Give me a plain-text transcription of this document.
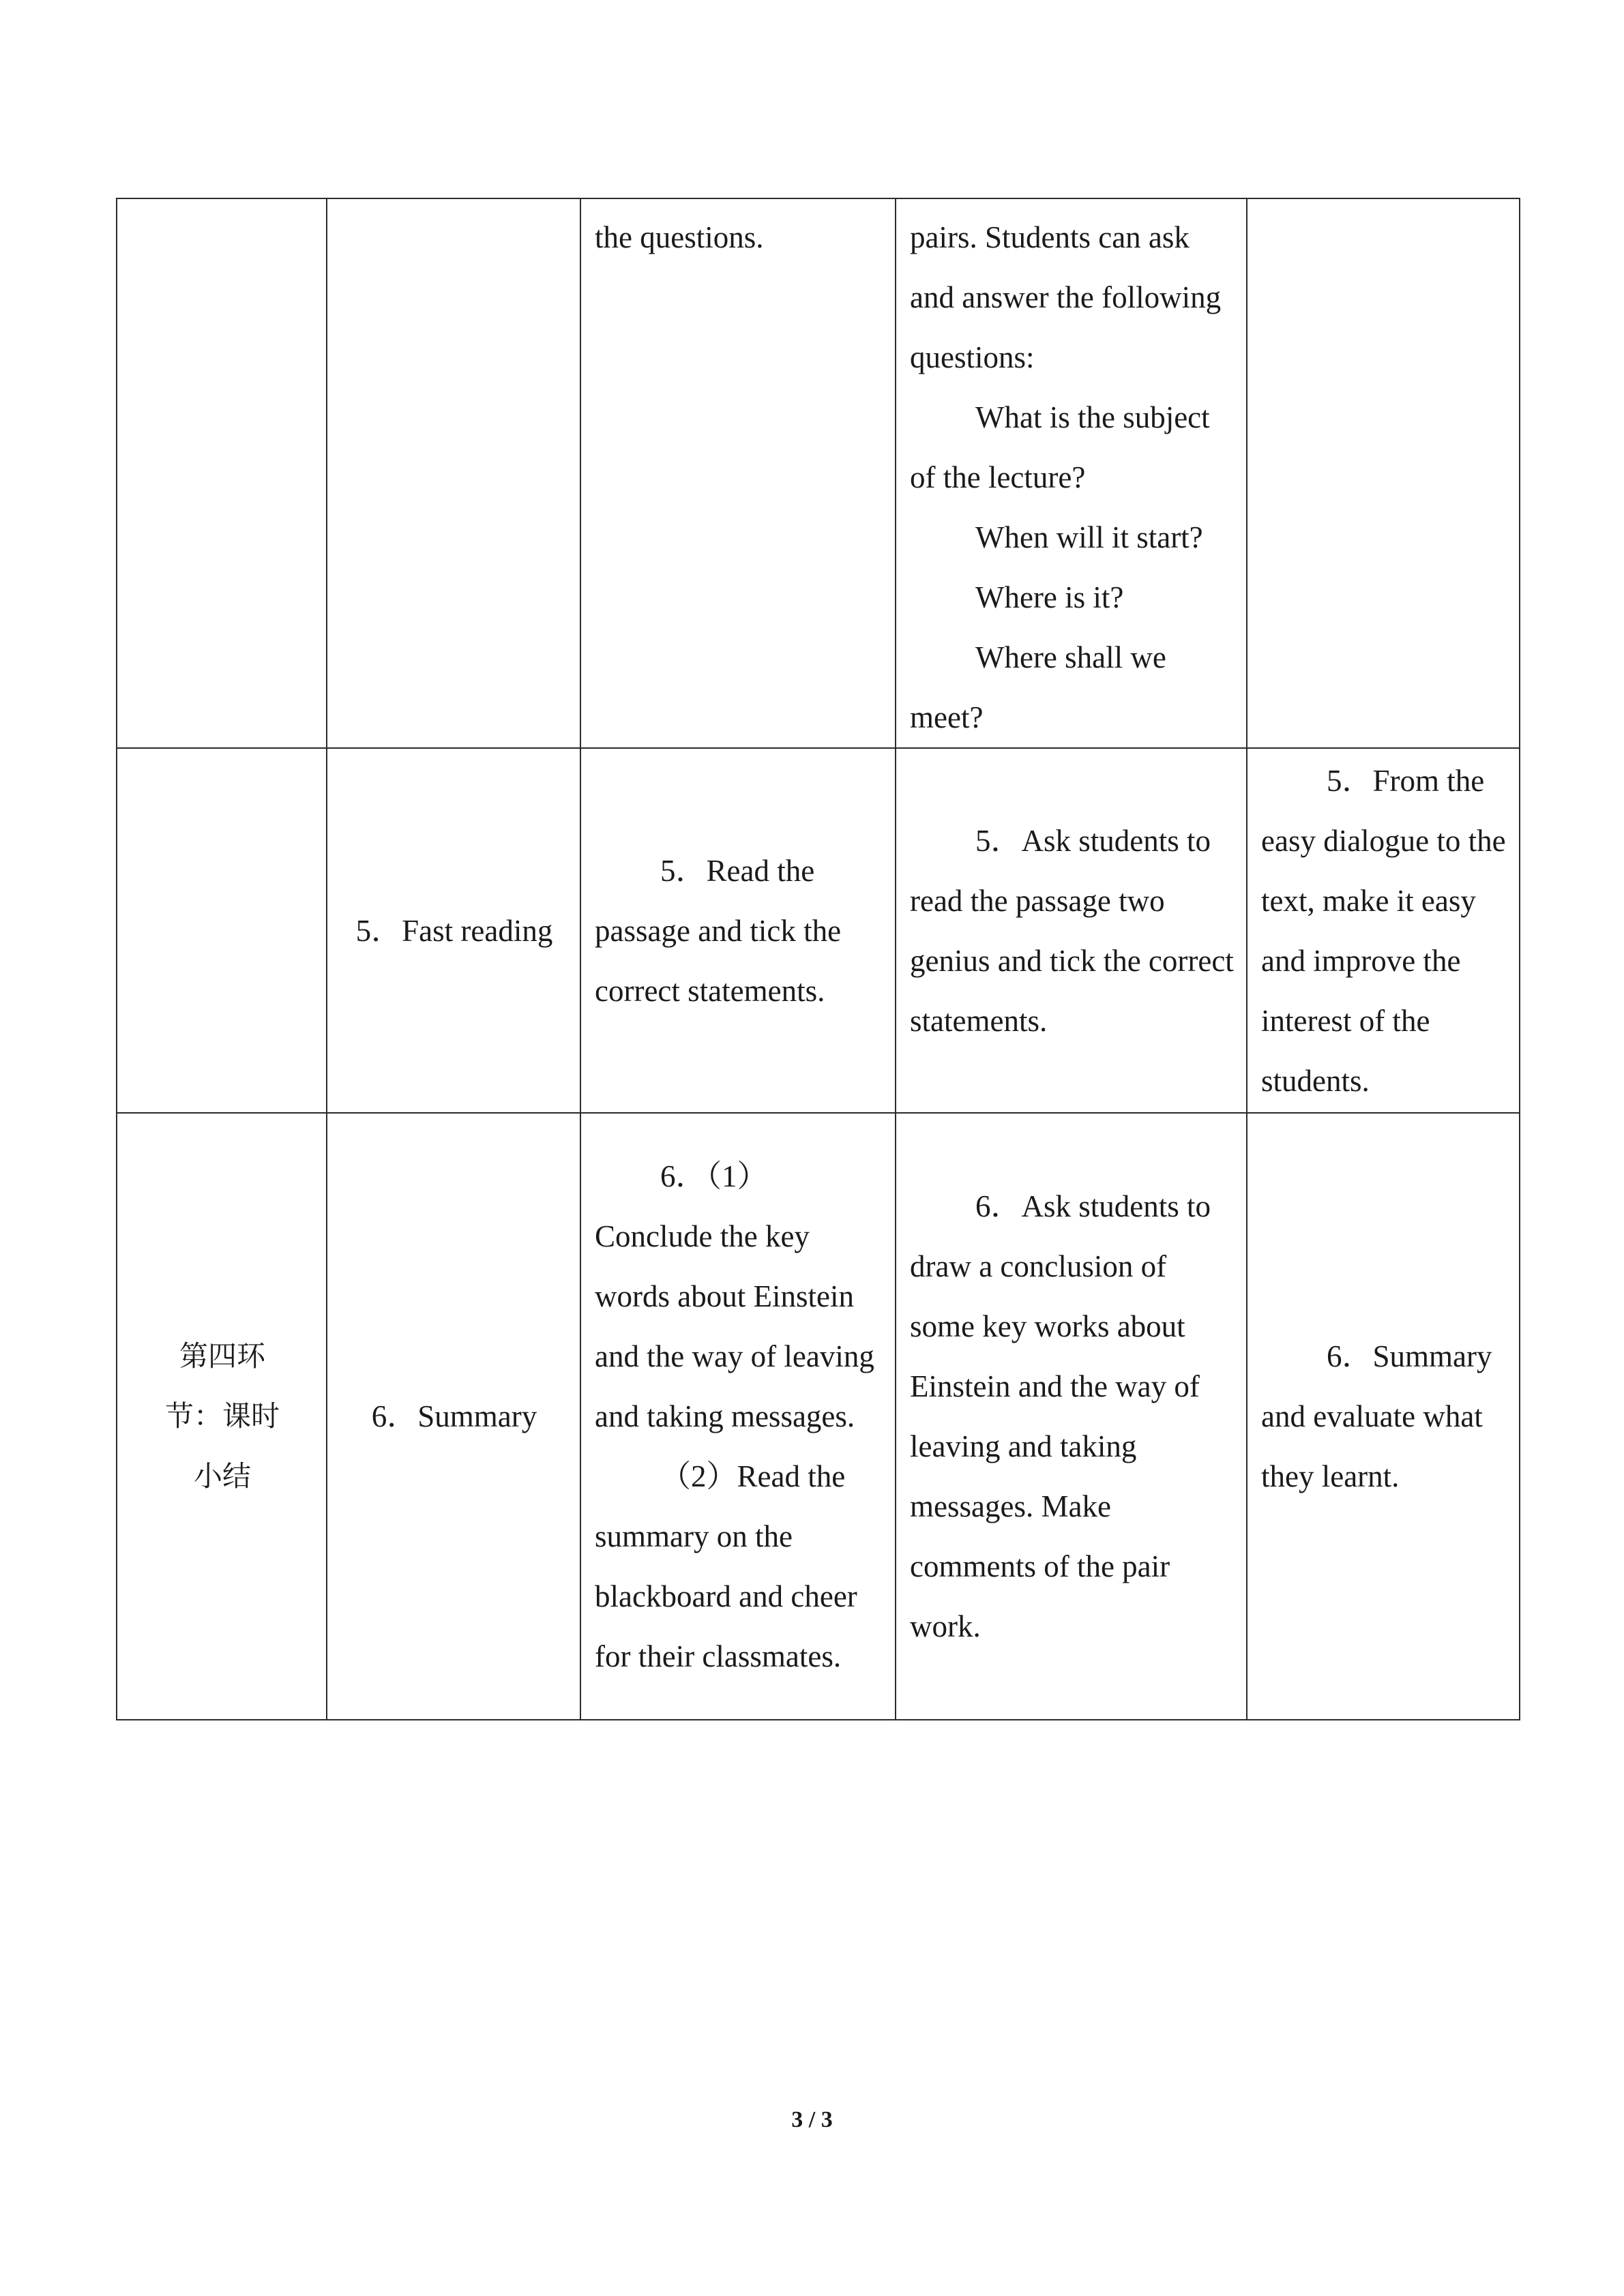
		the questions.	pairs. Students can ask and answer the following questions:
What is the subject of the lecture?
When will it start?
Where is it?
Where shall we meet?	

	5．Fast reading	5．Read the passage and tick the correct statements.	5．Ask students to read the passage two genius and tick the correct statements.	5．From the easy dialogue to the text, make it easy and improve the interest of the students.

第四环节：课时小结	6．Summary	6．（1）Conclude the key words about Einstein and the way of leaving and taking messages.
（2）Read the summary on the blackboard and cheer for their classmates.	6．Ask students to draw a conclusion of some key works about Einstein and the way of leaving and taking messages. Make comments of the pair work.	6．Summary and evaluate what they learnt.
3 / 3
